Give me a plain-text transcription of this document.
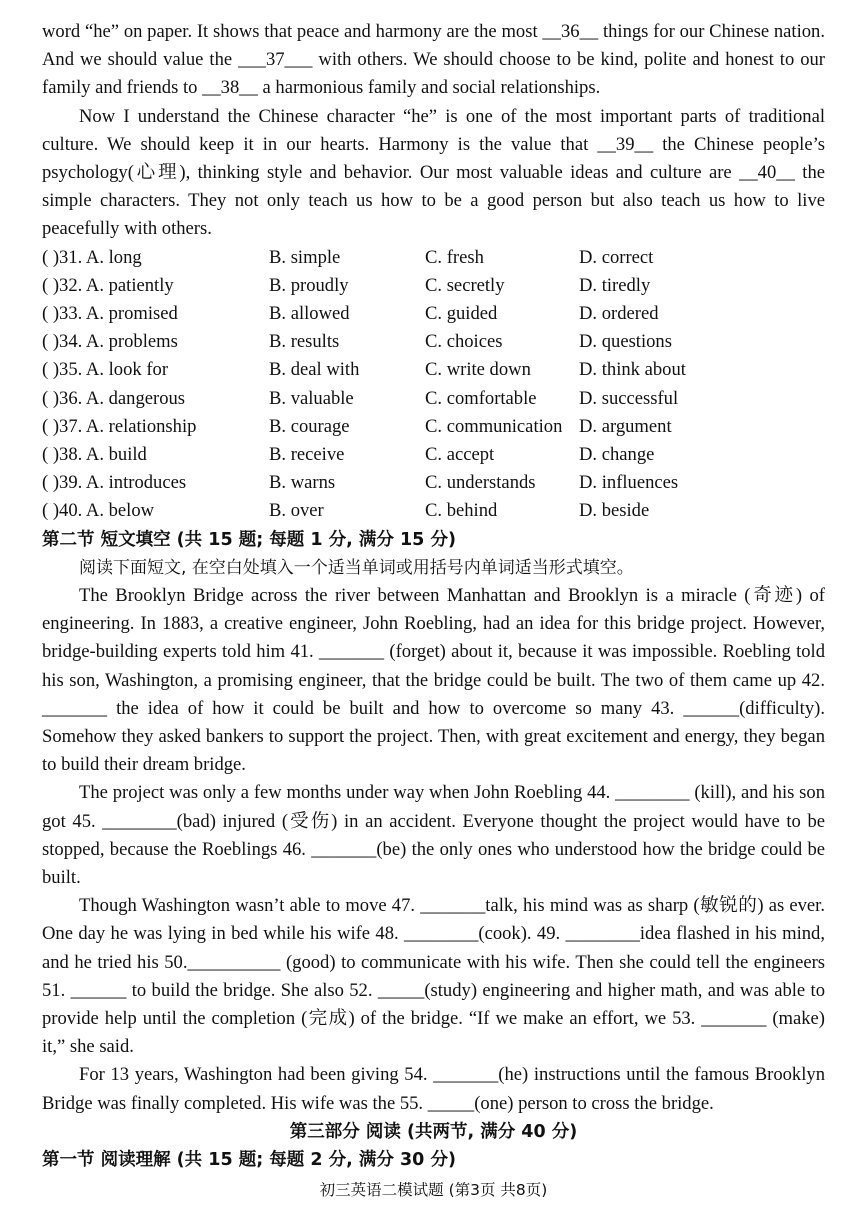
word “he” on paper. It shows that peace and harmony are the most __36__ things for our Chinese nation. And we should value the ___37___ with others. We should choose to be kind, polite and honest to our family and friends to __38__ a harmonious family and social relationships.

Now I understand the Chinese character “he” is one of the most important parts of traditional culture. We should keep it in our hearts. Harmony is the value that __39__ the Chinese people’s psychology(心理), thinking style and behavior. Our most valuable ideas and culture are __40__ the simple characters. They not only teach us how to be a good person but also teach us how to live peacefully with others.

( )31. A. long	B. simple	C. fresh	D. correct
( )32. A. patiently	B. proudly	C. secretly	D. tiredly
( )33. A. promised	B. allowed	C. guided	D. ordered
( )34. A. problems	B. results	C. choices	D. questions
( )35. A. look for	B. deal with	C. write down	D. think about
( )36. A. dangerous	B. valuable	C. comfortable	D. successful
( )37. A. relationship	B. courage	C. communication D. argument
( )38. A. build	B. receive	C. accept	D. change
( )39. A. introduces	B. warns	C. understands	D. influences
( )40. A. below	B. over	C. behind	D. beside

第二节 短文填空 (共 15 题; 每题 1 分, 满分 15 分)

阅读下面短文, 在空白处填入一个适当单词或用括号内单词适当形式填空。

The Brooklyn Bridge across the river between Manhattan and Brooklyn is a miracle (奇迹) of engineering. In 1883, a creative engineer, John Roebling, had an idea for this bridge project. However, bridge-building experts told him 41. _______ (forget) about it, because it was impossible. Roebling told his son, Washington, a promising engineer, that the bridge could be built. The two of them came up 42. _______ the idea of how it could be built and how to overcome so many 43. ______(difficulty). Somehow they asked bankers to support the project. Then, with great excitement and energy, they began to build their dream bridge.

The project was only a few months under way when John Roebling 44. ________ (kill), and his son got 45. ________(bad) injured (受伤) in an accident. Everyone thought the project would have to be stopped, because the Roeblings 46. _______(be) the only ones who understood how the bridge could be built.

Though Washington wasn’t able to move 47. _______talk, his mind was as sharp (敏锐的) as ever. One day he was lying in bed while his wife 48. ________(cook). 49. ________idea flashed in his mind, and he tried his 50.__________ (good) to communicate with his wife. Then she could tell the engineers 51. ______ to build the bridge. She also 52. _____(study) engineering and higher math, and was able to provide help until the completion (完成) of the bridge. “If we make an effort, we 53. _______ (make) it,” she said.

For 13 years, Washington had been giving 54. _______(he) instructions until the famous Brooklyn Bridge was finally completed. His wife was the 55. _____(one) person to cross the bridge.

第三部分 阅读 (共两节, 满分 40 分)

第一节 阅读理解 (共 15 题; 每题 2 分, 满分 30 分)

初三英语二模试题 (第3页 共8页)
